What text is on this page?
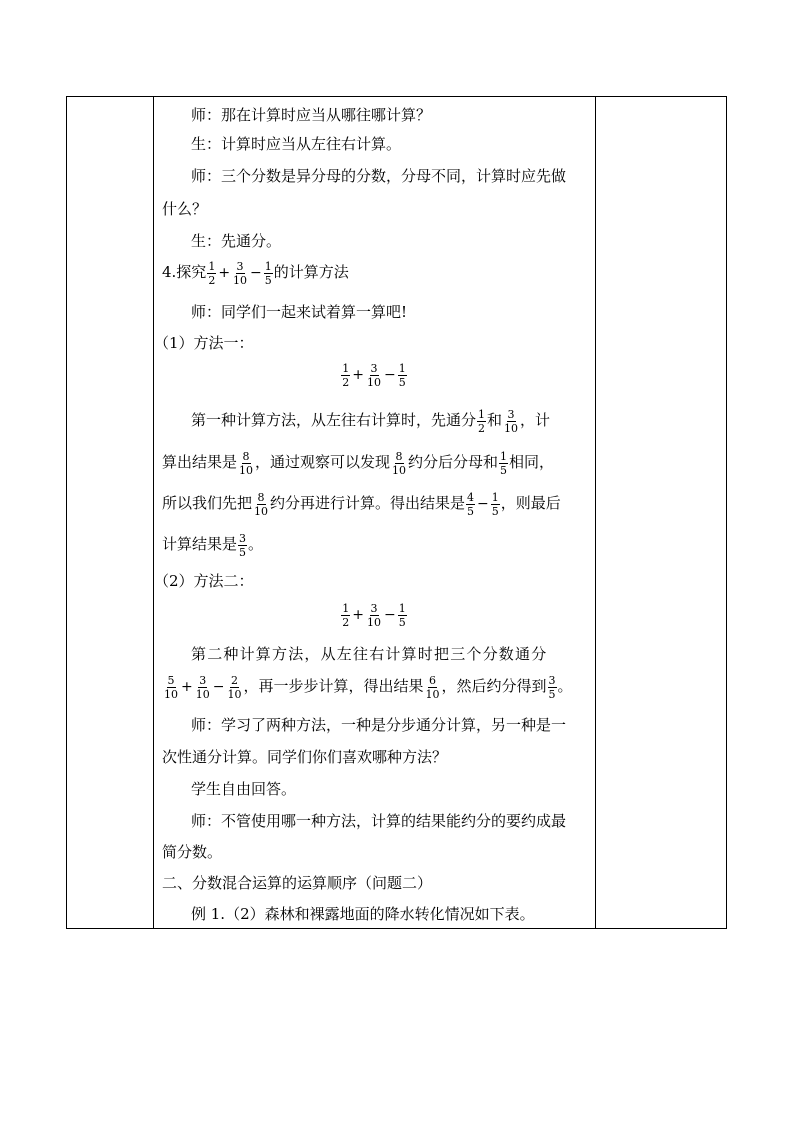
师：那在计算时应当从哪往哪计算？
生：计算时应当从左往右计算。
师：三个分数是异分母的分数，分母不同，计算时应先做
什么？
生：先通分。
4.探究 $\frac{1}{2} + \frac{3}{10} - \frac{1}{5}$ 的计算方法
师：同学们一起来试着算一算吧!
（1）方法一：
$\frac{1}{2} + \frac{3}{10} - \frac{1}{5}$
第一种计算方法，从左往右计算时，先通分 $\frac{1}{2}$ 和 $\frac{3}{10}$ ，计
算出结果是 $\frac{8}{10}$ ，通过观察可以发现 $\frac{8}{10}$ 约分后分母和 $\frac{1}{5}$ 相同，
所以我们先把 $\frac{8}{10}$ 约分再进行计算。得出结果是 $\frac{4}{5} - \frac{1}{5}$ ，则最后
计算结果是 $\frac{3}{5}$ 。
（2）方法二：
$\frac{1}{2} + \frac{3}{10} - \frac{1}{5}$
第二种计算方法，从左往右计算时把三个分数通分
$\frac{5}{10} + \frac{3}{10} - \frac{2}{10}$ ，再一步步计算，得出结果 $\frac{6}{10}$ ，然后约分得到 $\frac{3}{5}$ 。
师：学习了两种方法，一种是分步通分计算，另一种是一
次性通分计算。同学们你们喜欢哪种方法？
学生自由回答。
师：不管使用哪一种方法，计算的结果能约分的要约成最
简分数。
二、分数混合运算的运算顺序（问题二）
例 1.（2）森林和裸露地面的降水转化情况如下表。
